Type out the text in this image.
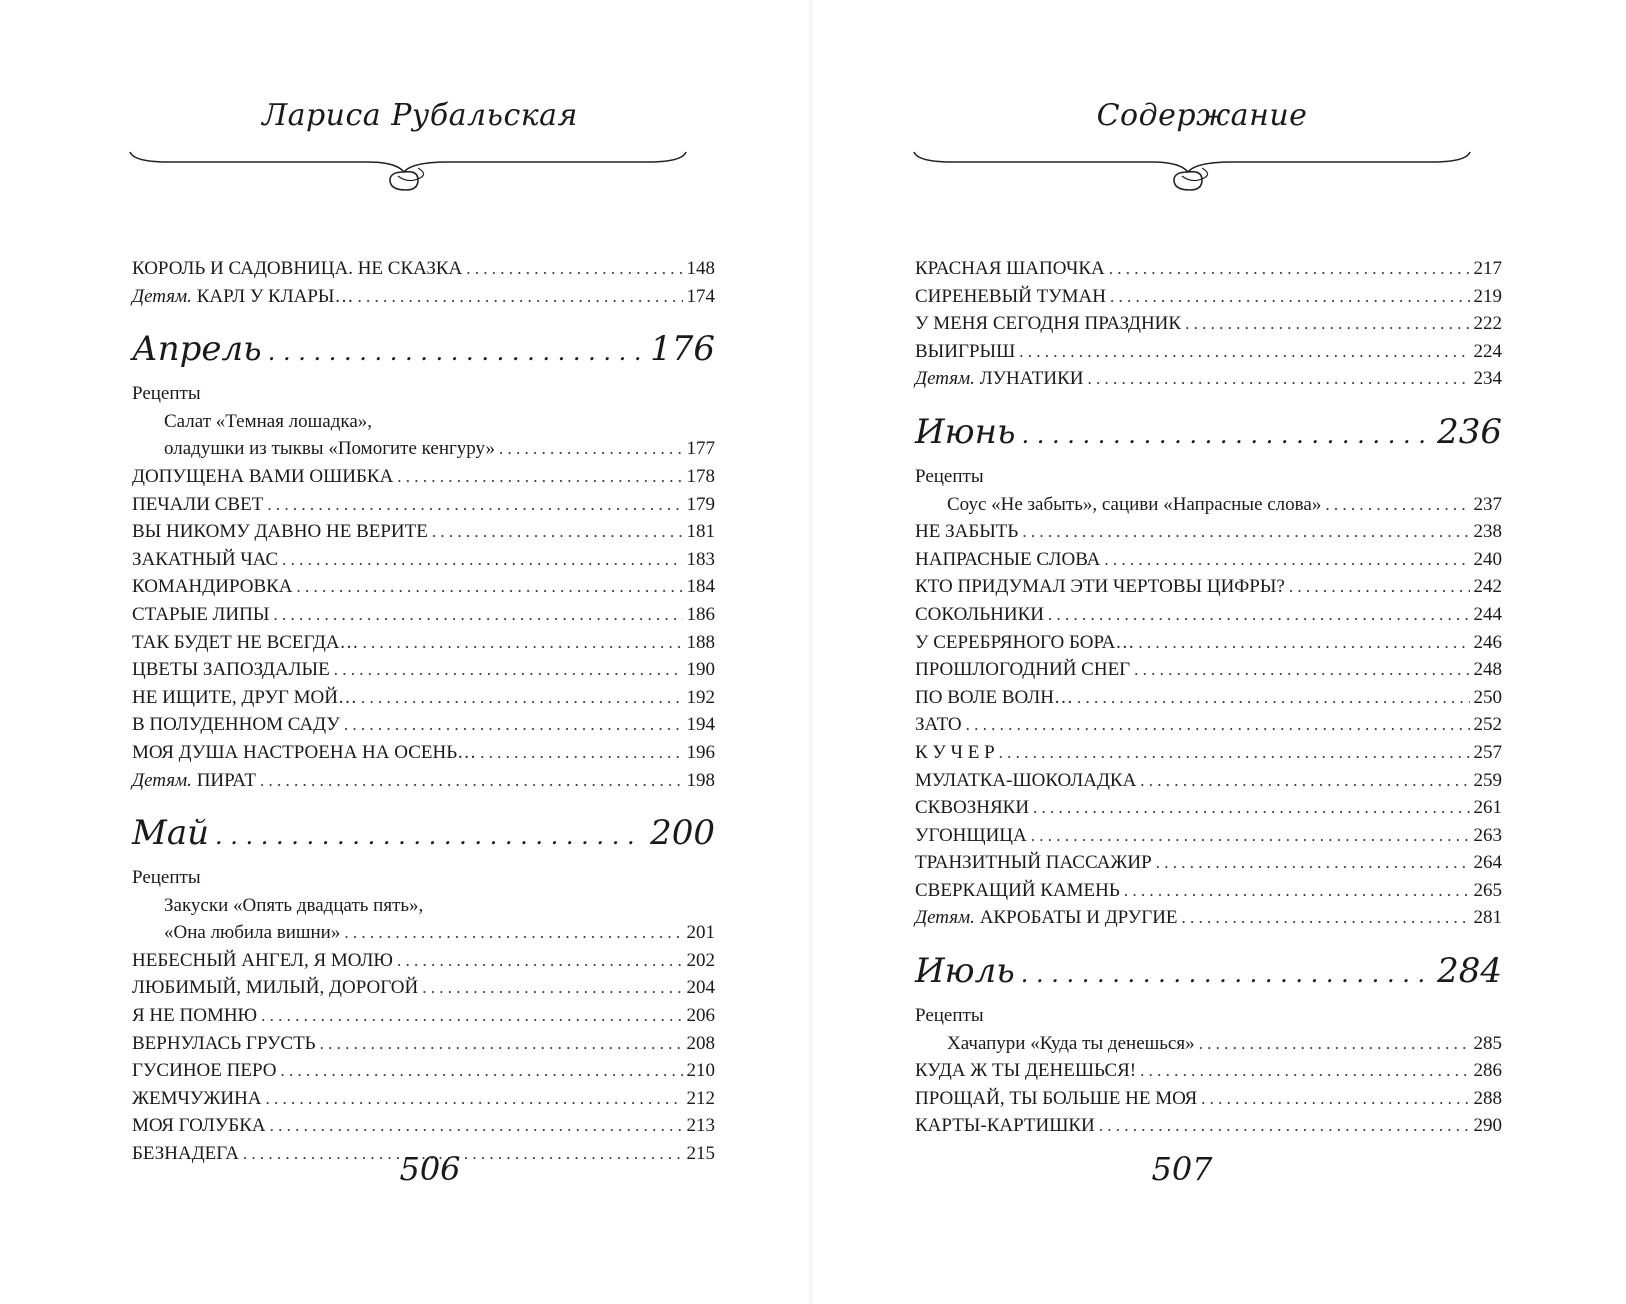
Лариса Рубальская
КОРОЛЬ И САДОВНИЦА. НЕ СКАЗКА . . .	148
Детям. КАРЛ У КЛАРЫ… . . .	174
Апрель . . .	176
Рецепты
Салат «Темная лошадка»,
оладушки из тыквы «Помогите кенгуру» . . .	177
ДОПУЩЕНА ВАМИ ОШИБКА . . .	178
ПЕЧАЛИ СВЕТ . . .	179
ВЫ НИКОМУ ДАВНО НЕ ВЕРИТЕ . . .	181
ЗАКАТНЫЙ ЧАС . . .	183
КОМАНДИРОВКА . . .	184
СТАРЫЕ ЛИПЫ . . .	186
ТАК БУДЕТ НЕ ВСЕГДА… . . .	188
ЦВЕТЫ ЗАПОЗДАЛЫЕ . . .	190
НЕ ИЩИТЕ, ДРУГ МОЙ… . . .	192
В ПОЛУДЕННОМ САДУ . . .	194
МОЯ ДУША НАСТРОЕНА НА ОСЕНЬ… . . .	196
Детям. ПИРАТ . . .	198
Май . . .	200
Рецепты
Закуски «Опять двадцать пять»,
«Она любила вишни» . . .	201
НЕБЕСНЫЙ АНГЕЛ, Я МОЛЮ . . .	202
ЛЮБИМЫЙ, МИЛЫЙ, ДОРОГОЙ . . .	204
Я НЕ ПОМНЮ . . .	206
ВЕРНУЛАСЬ ГРУСТЬ . . .	208
ГУСИНОЕ ПЕРО . . .	210
ЖЕМЧУЖИНА . . .	212
МОЯ ГОЛУБКА . . .	213
БЕЗНАДЕГА . . .	215
506
Содержание
КРАСНАЯ ШАПОЧКА . . .	217
СИРЕНЕВЫЙ ТУМАН . . .	219
У МЕНЯ СЕГОДНЯ ПРАЗДНИК . . .	222
ВЫИГРЫШ . . .	224
Детям. ЛУНАТИКИ . . .	234
Июнь . . .	236
Рецепты
Соус «Не забыть», сациви «Напрасные слова» . . .	237
НЕ ЗАБЫТЬ . . .	238
НАПРАСНЫЕ СЛОВА . . .	240
КТО ПРИДУМАЛ ЭТИ ЧЕРТОВЫ ЦИФРЫ? . . .	242
СОКОЛЬНИКИ . . .	244
У СЕРЕБРЯНОГО БОРА… . . .	246
ПРОШЛОГОДНИЙ СНЕГ . . .	248
ПО ВОЛЕ ВОЛН… . . .	250
ЗАТО . . .	252
К У Ч Е Р . . .	257
МУЛАТКА-ШОКОЛАДКА . . .	259
СКВОЗНЯКИ . . .	261
УГОНЩИЦА . . .	263
ТРАНЗИТНЫЙ ПАССАЖИР . . .	264
СВЕРКАЩИЙ КАМЕНЬ . . .	265
Детям. АКРОБАТЫ И ДРУГИЕ . . .	281
Июль . . .	284
Рецепты
Хачапури «Куда ты денешься» . . .	285
КУДА Ж ТЫ ДЕНЕШЬСЯ! . . .	286
ПРОЩАЙ, ТЫ БОЛЬШЕ НЕ МОЯ . . .	288
КАРТЫ-КАРТИШКИ . . .	290
507
